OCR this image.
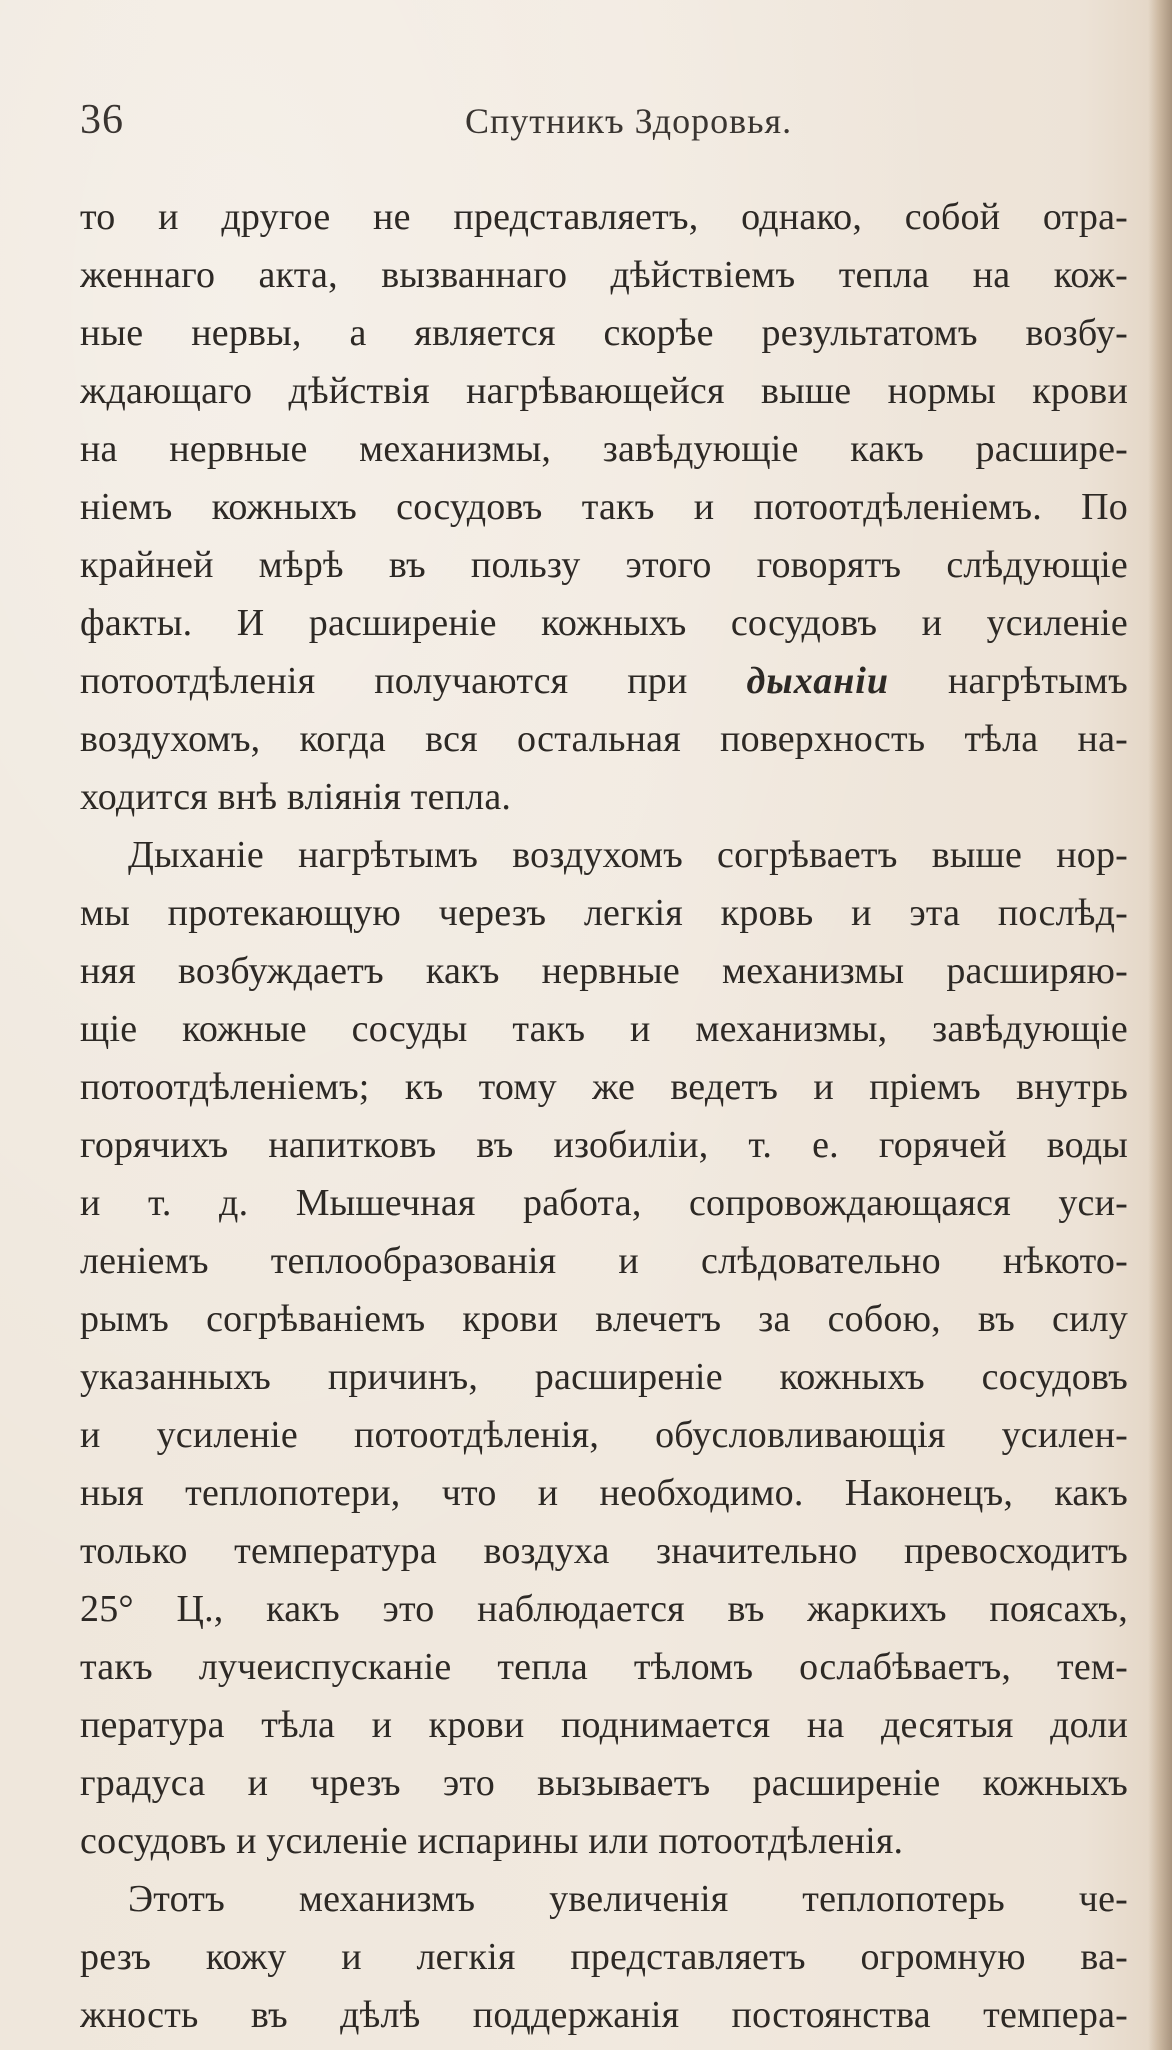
36	Спутникъ Здоровья.
то и другое не представляетъ, однако, собой отра-
женнаго акта, вызваннаго дѣйствіемъ тепла на кож-
ные нервы, а является скорѣе результатомъ возбу-
ждающаго дѣйствія нагрѣвающейся выше нормы крови
на нервные механизмы, завѣдующіе какъ расшире-
ніемъ кожныхъ сосудовъ такъ и потоотдѣленіемъ. По
крайней мѣрѣ въ пользу этого говорятъ слѣдующіе
факты. И расширеніе кожныхъ сосудовъ и усиленіе
потоотдѣленія получаются при дыханіи нагрѣтымъ
воздухомъ, когда вся остальная поверхность тѣла на-
ходится внѣ вліянія тепла.
Дыханіе нагрѣтымъ воздухомъ согрѣваетъ выше нор-
мы протекающую черезъ легкія кровь и эта послѣд-
няя возбуждаетъ какъ нервные механизмы расширяю-
щіе кожные сосуды такъ и механизмы, завѣдующіе
потоотдѣленіемъ; къ тому же ведетъ и пріемъ внутрь
горячихъ напитковъ въ изобиліи, т. е. горячей воды
и т. д. Мышечная работа, сопровождающаяся уси-
леніемъ теплообразованія и слѣдовательно нѣкото-
рымъ согрѣваніемъ крови влечетъ за собою, въ силу
указанныхъ причинъ, расширеніе кожныхъ сосудовъ
и усиленіе потоотдѣленія, обусловливающія усилен-
ныя теплопотери, что и необходимо. Наконецъ, какъ
только температура воздуха значительно превосходитъ
25° Ц., какъ это наблюдается въ жаркихъ поясахъ,
такъ лучеиспусканіе тепла тѣломъ ослабѣваетъ, тем-
пература тѣла и крови поднимается на десятыя доли
градуса и чрезъ это вызываетъ расширеніе кожныхъ
сосудовъ и усиленіе испарины или потоотдѣленія.
Этотъ механизмъ увеличенія теплопотерь че-
резъ кожу и легкія представляетъ огромную ва-
жность въ дѣлѣ поддержанія постоянства темпера-
